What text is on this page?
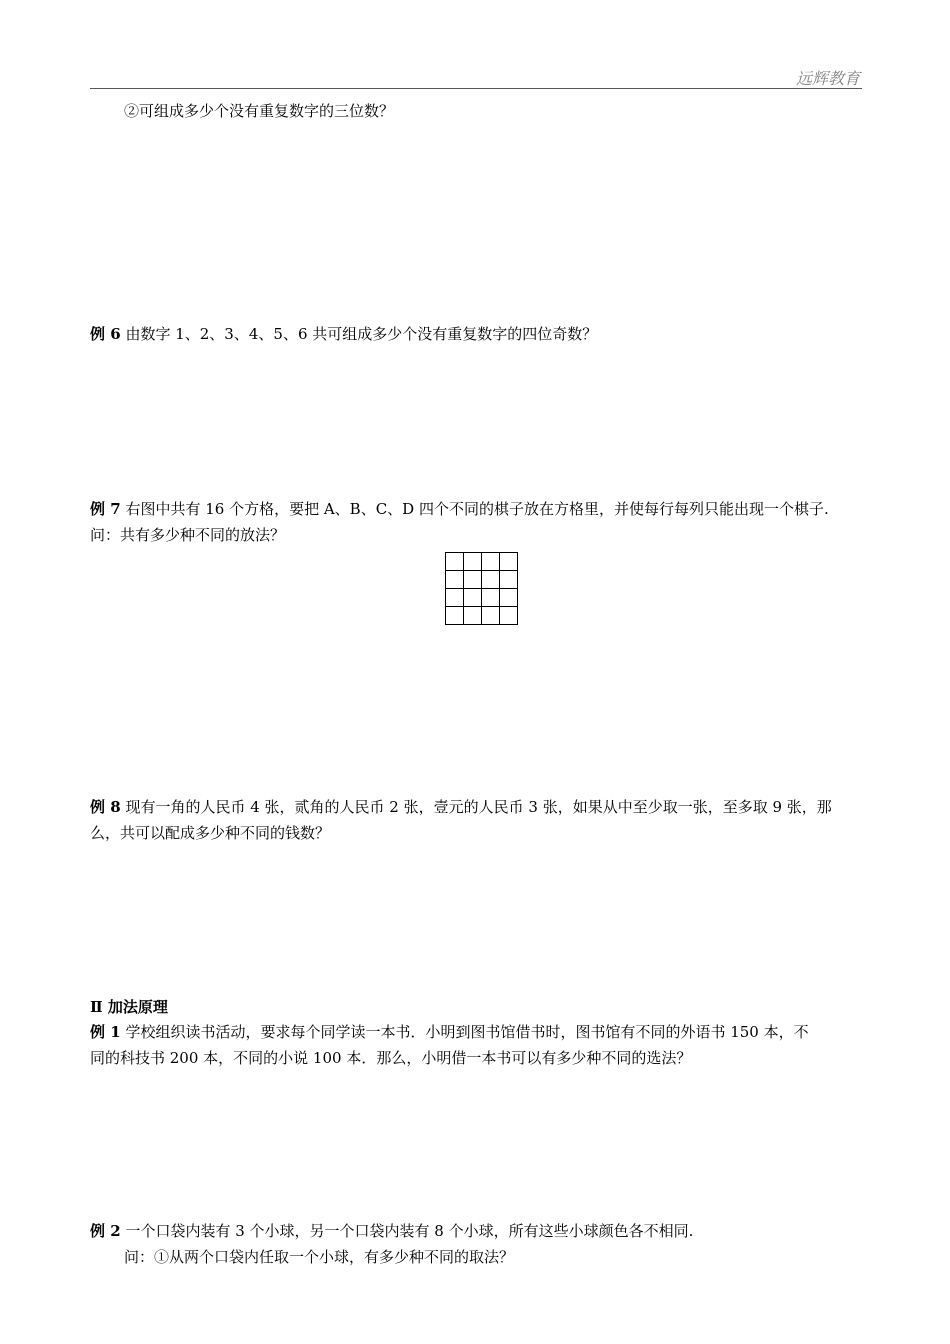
远辉教育
②可组成多少个没有重复数字的三位数？
例 6 由数字 1、2、3、4、5、6 共可组成多少个没有重复数字的四位奇数？
例 7 右图中共有 16 个方格，要把 A、B、C、D 四个不同的棋子放在方格里，并使每行每列只能出现一个棋子.
问：共有多少种不同的放法？
例 8 现有一角的人民币 4 张，贰角的人民币 2 张，壹元的人民币 3 张，如果从中至少取一张，至多取 9 张，那
么，共可以配成多少种不同的钱数？
Ⅱ 加法原理
例 1 学校组织读书活动，要求每个同学读一本书．小明到图书馆借书时，图书馆有不同的外语书 150 本，不
同的科技书 200 本，不同的小说 100 本．那么，小明借一本书可以有多少种不同的选法？
例 2 一个口袋内装有 3 个小球，另一个口袋内装有 8 个小球，所有这些小球颜色各不相同.
问：①从两个口袋内任取一个小球，有多少种不同的取法？
